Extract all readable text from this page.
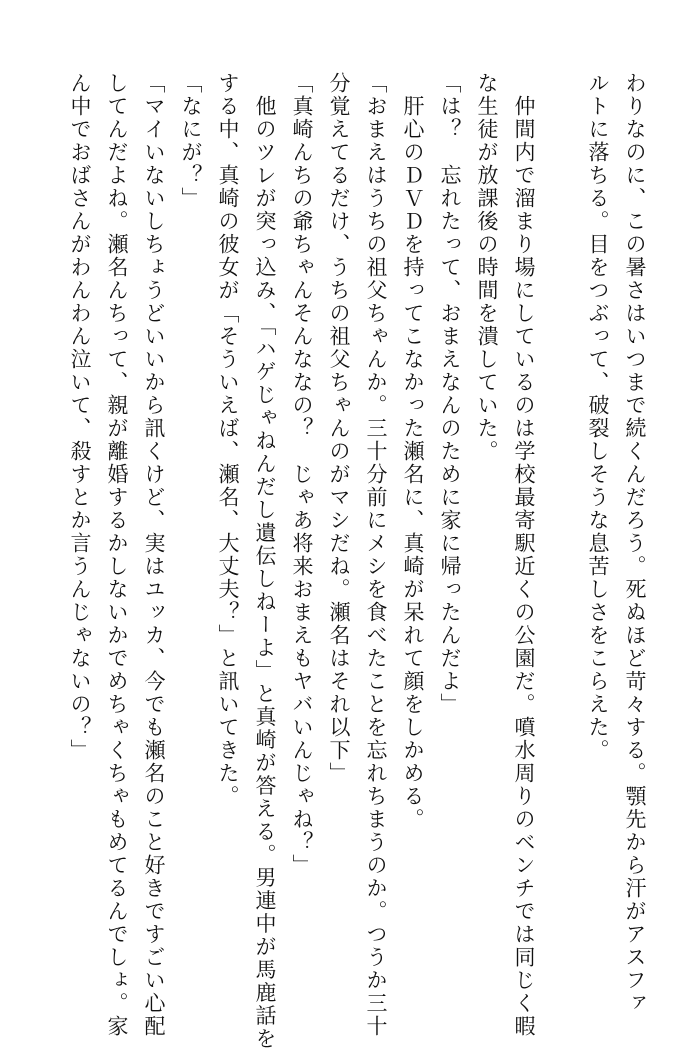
わりなのに、この暑さはいつまで続くんだろう。死ぬほど苛々する。顎先から汗がアスファ

ルトに落ちる。目をつぶって、破裂しそうな息苦しさをこらえた。

　仲間内で溜まり場にしているのは学校最寄駅近くの公園だ。噴水周りのベンチでは同じく暇

な生徒が放課後の時間を潰していた。

「は？　忘れたって、おまえなんのために家に帰ったんだよ」

　肝心のＤＶＤを持ってこなかった瀬名に、真崎が呆れて顔をしかめる。

「おまえはうちの祖父ちゃんか。三十分前にメシを食べたことを忘れちまうのか。つうか三十

分覚えてるだけ、うちの祖父ちゃんのがマシだね。瀬名はそれ以下」

「真崎んちの爺ちゃんそんななの？　じゃあ将来おまえもヤバいんじゃね？」

　他のツレが突っ込み、「ハゲじゃねんだし遺伝しねーよ」と真崎が答える。男連中が馬鹿話を

する中、真崎の彼女が「そういえば、瀬名、大丈夫？」と訊いてきた。

「なにが？」

「マイいないしちょうどいいから訊くけど、実はユッカ、今でも瀬名のこと好きですごい心配

してんだよね。瀬名んちって、親が離婚するかしないかでめちゃくちゃもめてるんでしょ。家

ん中でおばさんがわんわん泣いて、殺すとか言うんじゃないの？」
